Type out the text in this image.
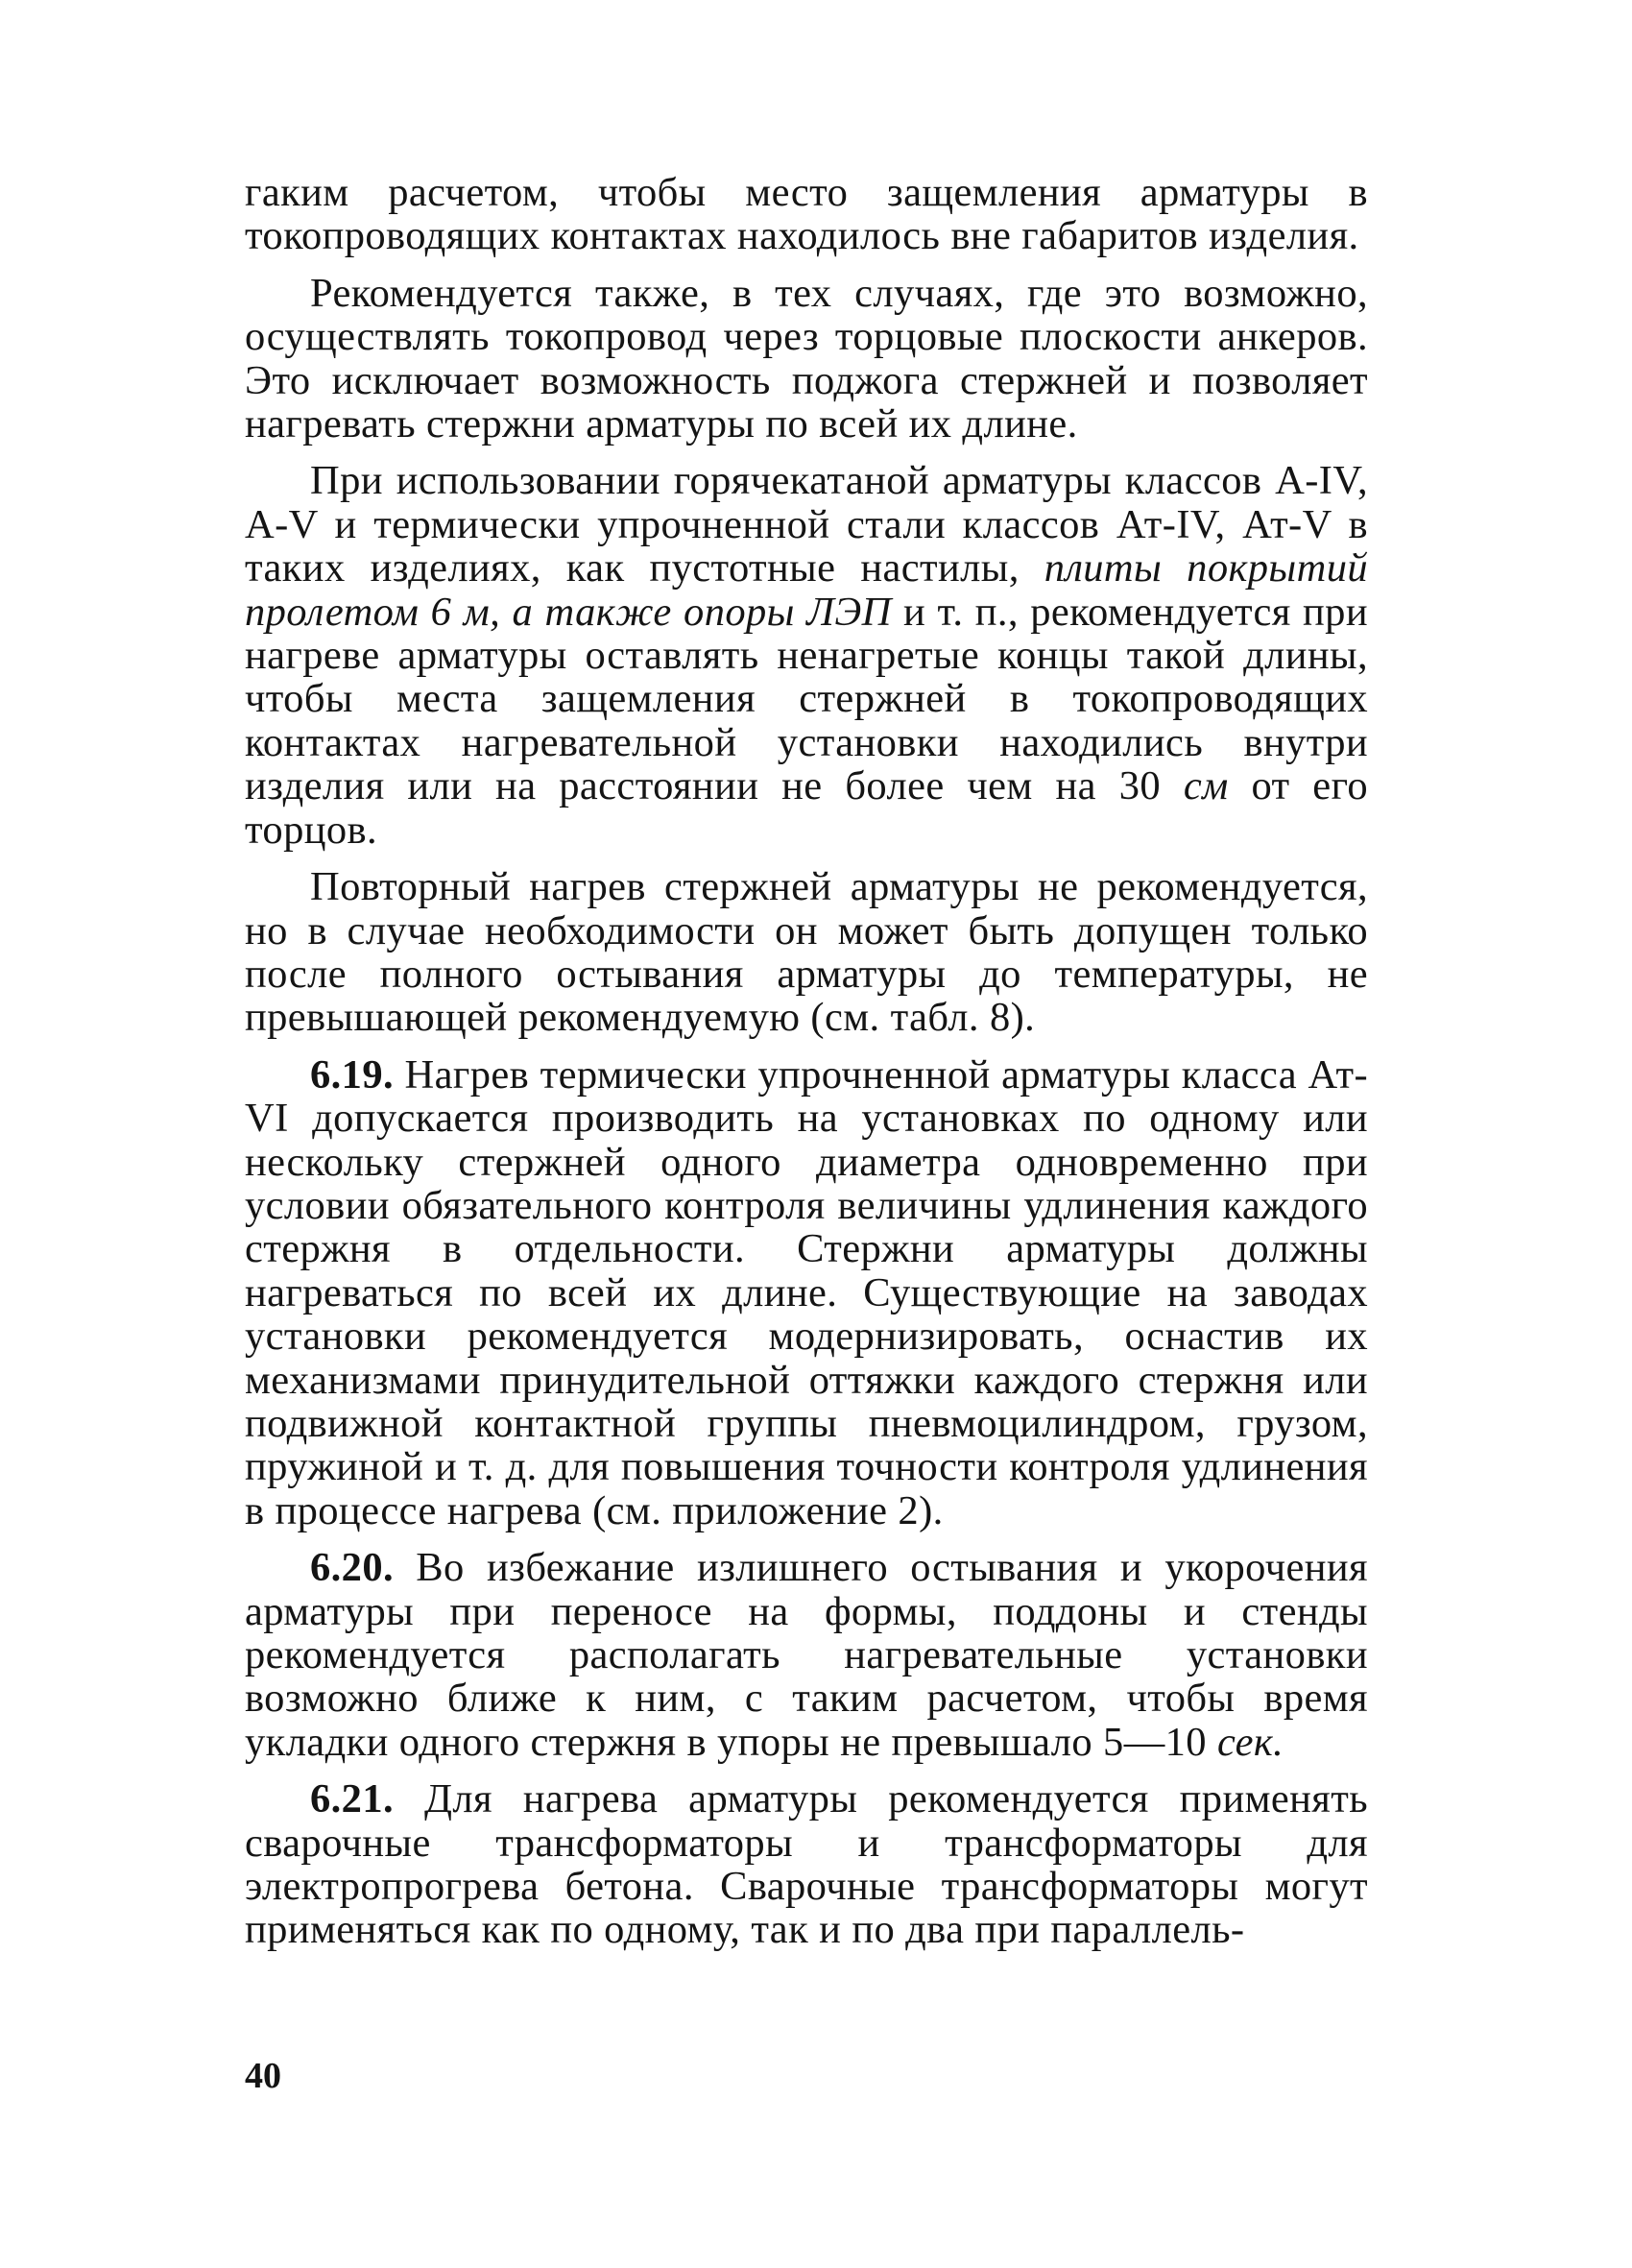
гаким расчетом, чтобы место защемления арматуры в токопроводящих контактах находилось вне габаритов изделия.

Рекомендуется также, в тех случаях, где это возможно, осуществлять токопровод через торцовые плоскости анкеров. Это исключает возможность поджога стержней и позволяет нагревать стержни арматуры по всей их длине.

При использовании горячекатаной арматуры классов А-IV, А-V и термически упрочненной стали классов Ат-IV, Ат-V в таких изделиях, как пустотные настилы, плиты покрытий пролетом 6 м, а также опоры ЛЭП и т. п., рекомендуется при нагреве арматуры оставлять ненагретые концы такой длины, чтобы места защемления стержней в токопроводящих контактах нагревательной установки находились внутри изделия или на расстоянии не более чем на 30 см от его торцов.

Повторный нагрев стержней арматуры не рекомендуется, но в случае необходимости он может быть допущен только после полного остывания арматуры до температуры, не превышающей рекомендуемую (см. табл. 8).

6.19. Нагрев термически упрочненной арматуры класса Ат-VI допускается производить на установках по одному или нескольку стержней одного диаметра одновременно при условии обязательного контроля величины удлинения каждого стержня в отдельности. Стержни арматуры должны нагреваться по всей их длине. Существующие на заводах установки рекомендуется модернизировать, оснастив их механизмами принудительной оттяжки каждого стержня или подвижной контактной группы пневмоцилиндром, грузом, пружиной и т. д. для повышения точности контроля удлинения в процессе нагрева (см. приложение 2).

6.20. Во избежание излишнего остывания и укорочения арматуры при переносе на формы, поддоны и стенды рекомендуется располагать нагревательные установки возможно ближе к ним, с таким расчетом, чтобы время укладки одного стержня в упоры не превышало 5—10 сек.

6.21. Для нагрева арматуры рекомендуется применять сварочные трансформаторы и трансформаторы для электропрогрева бетона. Сварочные трансформаторы могут применяться как по одному, так и по два при параллель-

40
